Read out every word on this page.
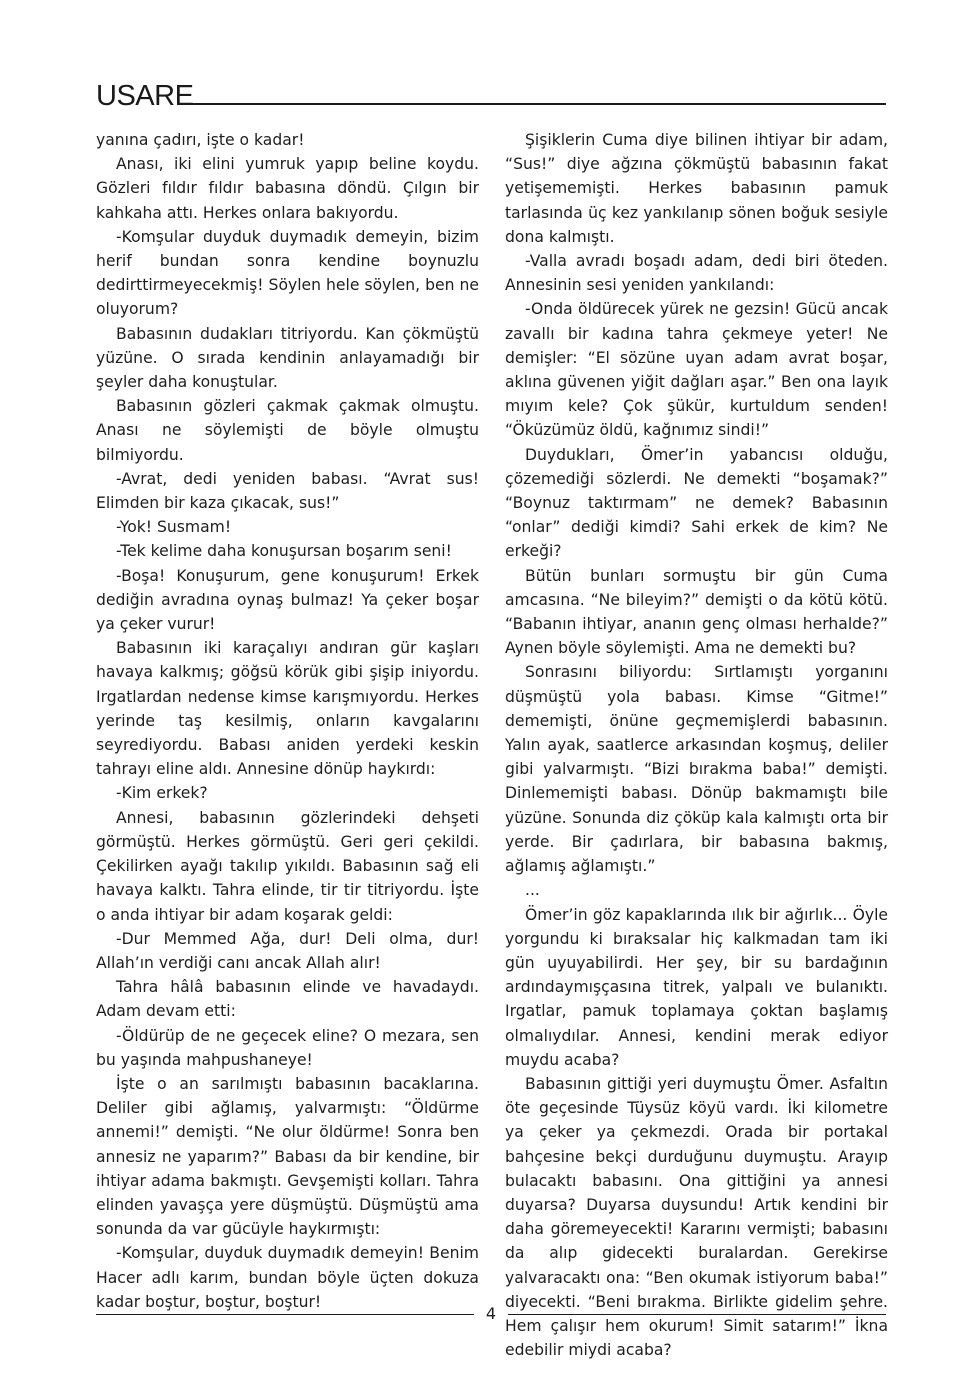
USARE

yanına çadırı, işte o kadar!

Anası, iki elini yumruk yapıp beline koydu. Gözleri fıldır fıldır babasına döndü. Çılgın bir kahkaha attı. Herkes onlara bakıyordu.

-Komşular duyduk duymadık demeyin, bizim herif bundan sonra kendine boynuzlu dedirttirmeyecekmiş! Söylen hele söylen, ben ne oluyorum?

Babasının dudakları titriyordu. Kan çökmüştü yüzüne. O sırada kendinin anlayamadığı bir şeyler daha konuştular.

Babasının gözleri çakmak çakmak olmuştu. Anası ne söylemişti de böyle olmuştu bilmiyordu.

-Avrat, dedi yeniden babası. “Avrat sus! Elimden bir kaza çıkacak, sus!”

-Yok! Susmam!

-Tek kelime daha konuşursan boşarım seni!

-Boşa! Konuşurum, gene konuşurum! Erkek dediğin avradına oynaş bulmaz! Ya çeker boşar ya çeker vurur!

Babasının iki karaçalıyı andıran gür kaşları havaya kalkmış; göğsü körük gibi şişip iniyordu. Irgatlardan nedense kimse karışmıyordu. Herkes yerinde taş kesilmiş, onların kavgalarını seyrediyordu. Babası aniden yerdeki keskin tahrayı eline aldı. Annesine dönüp haykırdı:

-Kim erkek?

Annesi, babasının gözlerindeki dehşeti görmüştü. Herkes görmüştü. Geri geri çekildi. Çekilirken ayağı takılıp yıkıldı. Babasının sağ eli havaya kalktı. Tahra elinde, tir tir titriyordu. İşte o anda ihtiyar bir adam koşarak geldi:

-Dur Memmed Ağa, dur! Deli olma, dur! Allah’ın verdiği canı ancak Allah alır!

Tahra hâlâ babasının elinde ve havadaydı. Adam devam etti:

-Öldürüp de ne geçecek eline? O mezara, sen bu yaşında mahpushaneye!

İşte o an sarılmıştı babasının bacaklarına. Deliler gibi ağlamış, yalvarmıştı: “Öldürme annemi!” demişti. “Ne olur öldürme! Sonra ben annesiz ne yaparım?” Babası da bir kendine, bir ihtiyar adama bakmıştı. Gevşemişti kolları. Tahra elinden yavaşça yere düşmüştü. Düşmüştü ama sonunda da var gücüyle haykırmıştı:

-Komşular, duyduk duymadık demeyin! Benim Hacer adlı karım, bundan böyle üçten dokuza kadar boştur, boştur, boştur!

Şişiklerin Cuma diye bilinen ihtiyar bir adam, “Sus!” diye ağzına çökmüştü babasının fakat yetişememişti. Herkes babasının pamuk tarlasında üç kez yankılanıp sönen boğuk sesiyle dona kalmıştı.

-Valla avradı boşadı adam, dedi biri öteden. Annesinin sesi yeniden yankılandı:

-Onda öldürecek yürek ne gezsin! Gücü ancak zavallı bir kadına tahra çekmeye yeter! Ne demişler: “El sözüne uyan adam avrat boşar, aklına güvenen yiğit dağları aşar.” Ben ona layık mıyım kele? Çok şükür, kurtuldum senden! “Öküzümüz öldü, kağnımız sindi!”

Duydukları, Ömer’in yabancısı olduğu, çözemediği sözlerdi. Ne demekti “boşamak?” “Boynuz taktırmam” ne demek? Babasının “onlar” dediği kimdi? Sahi erkek de kim? Ne erkeği?

Bütün bunları sormuştu bir gün Cuma amcasına. “Ne bileyim?” demişti o da kötü kötü. “Babanın ihtiyar, ananın genç olması herhalde?” Aynen böyle söylemişti. Ama ne demekti bu?

Sonrasını biliyordu: Sırtlamıştı yorganını düşmüştü yola babası. Kimse “Gitme!” dememişti, önüne geçmemişlerdi babasının. Yalın ayak, saatlerce arkasından koşmuş, deliler gibi yalvarmıştı. “Bizi bırakma baba!” demişti. Dinlememişti babası. Dönüp bakmamıştı bile yüzüne. Sonunda diz çöküp kala kalmıştı orta bir yerde. Bir çadırlara, bir babasına bakmış, ağlamış ağlamıştı.”

...

Ömer’in göz kapaklarında ılık bir ağırlık... Öyle yorgundu ki bıraksalar hiç kalkmadan tam iki gün uyuyabilirdi. Her şey, bir su bardağının ardındaymışçasına titrek, yalpalı ve bulanıktı. Irgatlar, pamuk toplamaya çoktan başlamış olmalıydılar. Annesi, kendini merak ediyor muydu acaba?

Babasının gittiği yeri duymuştu Ömer. Asfaltın öte geçesinde Tüysüz köyü vardı. İki kilometre ya çeker ya çekmezdi. Orada bir portakal bahçesine bekçi durduğunu duymuştu. Arayıp bulacaktı babasını. Ona gittiğini ya annesi duyarsa? Duyarsa duysundu! Artık kendini bir daha göremeyecekti! Kararını vermişti; babasını da alıp gidecekti buralardan. Gerekirse yalvaracaktı ona: “Ben okumak istiyorum baba!” diyecekti. “Beni bırakma. Birlikte gidelim şehre. Hem çalışır hem okurum! Simit satarım!” İkna edebilir miydi acaba?

4
